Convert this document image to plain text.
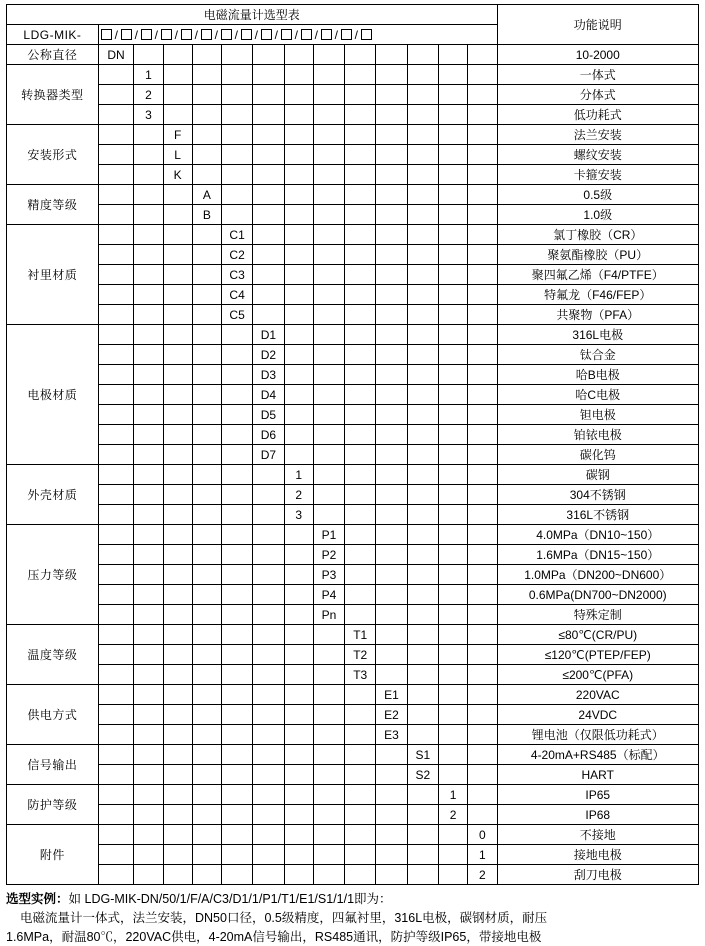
电磁流量计选型表														功能说明
LDG-MIK-	/ / / / / / / / / / / / /

公称直径	DN													10-2000
转换器类型		1												一体式
		2												分体式
		3												低功耗式
安装形式			F											法兰安装
			L											螺纹安装
			K											卡箍安装
精度等级				A										0.5级
				B										1.0级
衬里材质					C1									氯丁橡胶（CR）
					C2									聚氨酯橡胶（PU）
					C3									聚四氟乙烯（F4/PTFE）
					C4									特氟龙（F46/FEP）
					C5									共聚物（PFA）
电极材质						D1								316L电极
						D2								钛合金
						D3								哈B电极
						D4								哈C电极
						D5								钽电极
						D6								铂铱电极
						D7								碳化钨
外壳材质							1							碳钢
							2							304不锈钢
							3							316L不锈钢
压力等级								P1						4.0MPa（DN10~150）
								P2						1.6MPa（DN15~150）
								P3						1.0MPa（DN200~DN600）
								P4						0.6MPa(DN700~DN2000)
								Pn						特殊定制
温度等级									T1					≤80℃(CR/PU)
									T2					≤120℃(PTEP/FEP)
									T3					≤200℃(PFA)
供电方式										E1				220VAC
										E2				24VDC
										E3				锂电池（仅限低功耗式）
信号输出											S1			4-20mA+RS485（标配）
											S2			HART
防护等级												1		IP65
												2		IP68
附件													0	不接地
													1	接地电极
													2	刮刀电极
选型实例：如 LDG-MIK-DN/50/1/F/A/C3/D1/1/P1/T1/E1/S1/1/1即为：
电磁流量计一体式，法兰安装，DN50口径，0.5级精度，四氟衬里，316L电极，碳钢材质，耐压
1.6MPa，耐温80℃，220VAC供电，4-20mA信号输出，RS485通讯，防护等级IP65，带接地电极
